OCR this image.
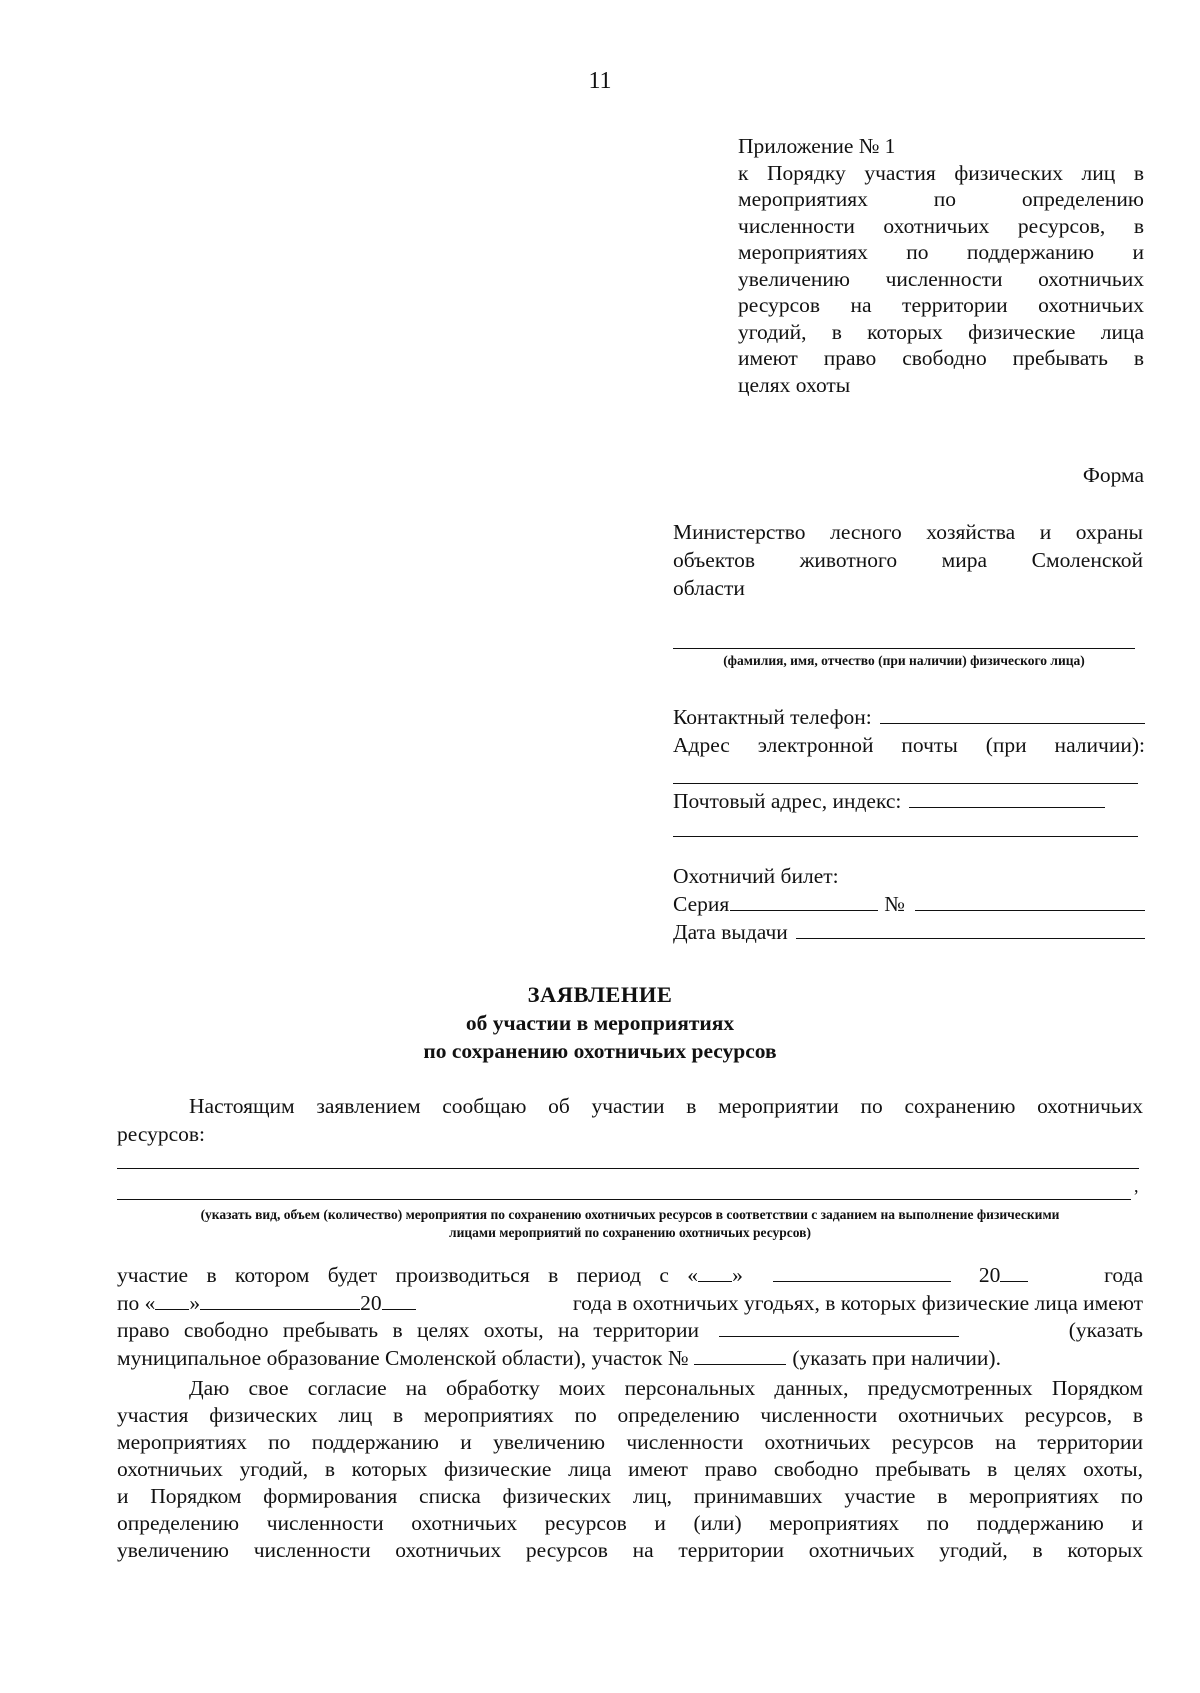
11
Приложение № 1
к Порядку участия физических лиц в
мероприятиях по определению
численности охотничьих ресурсов, в
мероприятиях по поддержанию и
увеличению численности охотничьих
ресурсов на территории охотничьих
угодий, в которых физические лица
имеют право свободно пребывать в
целях охоты
Форма
Министерство лесного хозяйства и охраны
объектов животного мира Смоленской
области
(фамилия, имя, отчество (при наличии) физического лица)
Контактный телефон:
Адрес электронной почты (при наличии):
Почтовый адрес, индекс:
Охотничий билет:
Серия	№
Дата выдачи
ЗАЯВЛЕНИЕ
об участии в мероприятиях
по сохранению охотничьих ресурсов
Настоящим заявлением сообщаю об участии в мероприятии по сохранению охотничьих
ресурсов:
,
(указать вид, объем (количество) мероприятия по сохранению охотничьих ресурсов в соответствии с заданием на выполнение физическими
лицами мероприятий по сохранению охотничьих ресурсов)
участие в котором будет производиться в период с « »	20	года
по « »	20	года в охотничьих угодьях, в которых физические лица имеют
право свободно пребывать в целях охоты, на территории	(указать
муниципальное образование Смоленской области), участок №	(указать при наличии).
Даю свое согласие на обработку моих персональных данных, предусмотренных Порядком
участия физических лиц в мероприятиях по определению численности охотничьих ресурсов, в
мероприятиях по поддержанию и увеличению численности охотничьих ресурсов на территории
охотничьих угодий, в которых физические лица имеют право свободно пребывать в целях охоты,
и Порядком формирования списка физических лиц, принимавших участие в мероприятиях по
определению численности охотничьих ресурсов и (или) мероприятиях по поддержанию и
увеличению численности охотничьих ресурсов на территории охотничьих угодий, в которых
